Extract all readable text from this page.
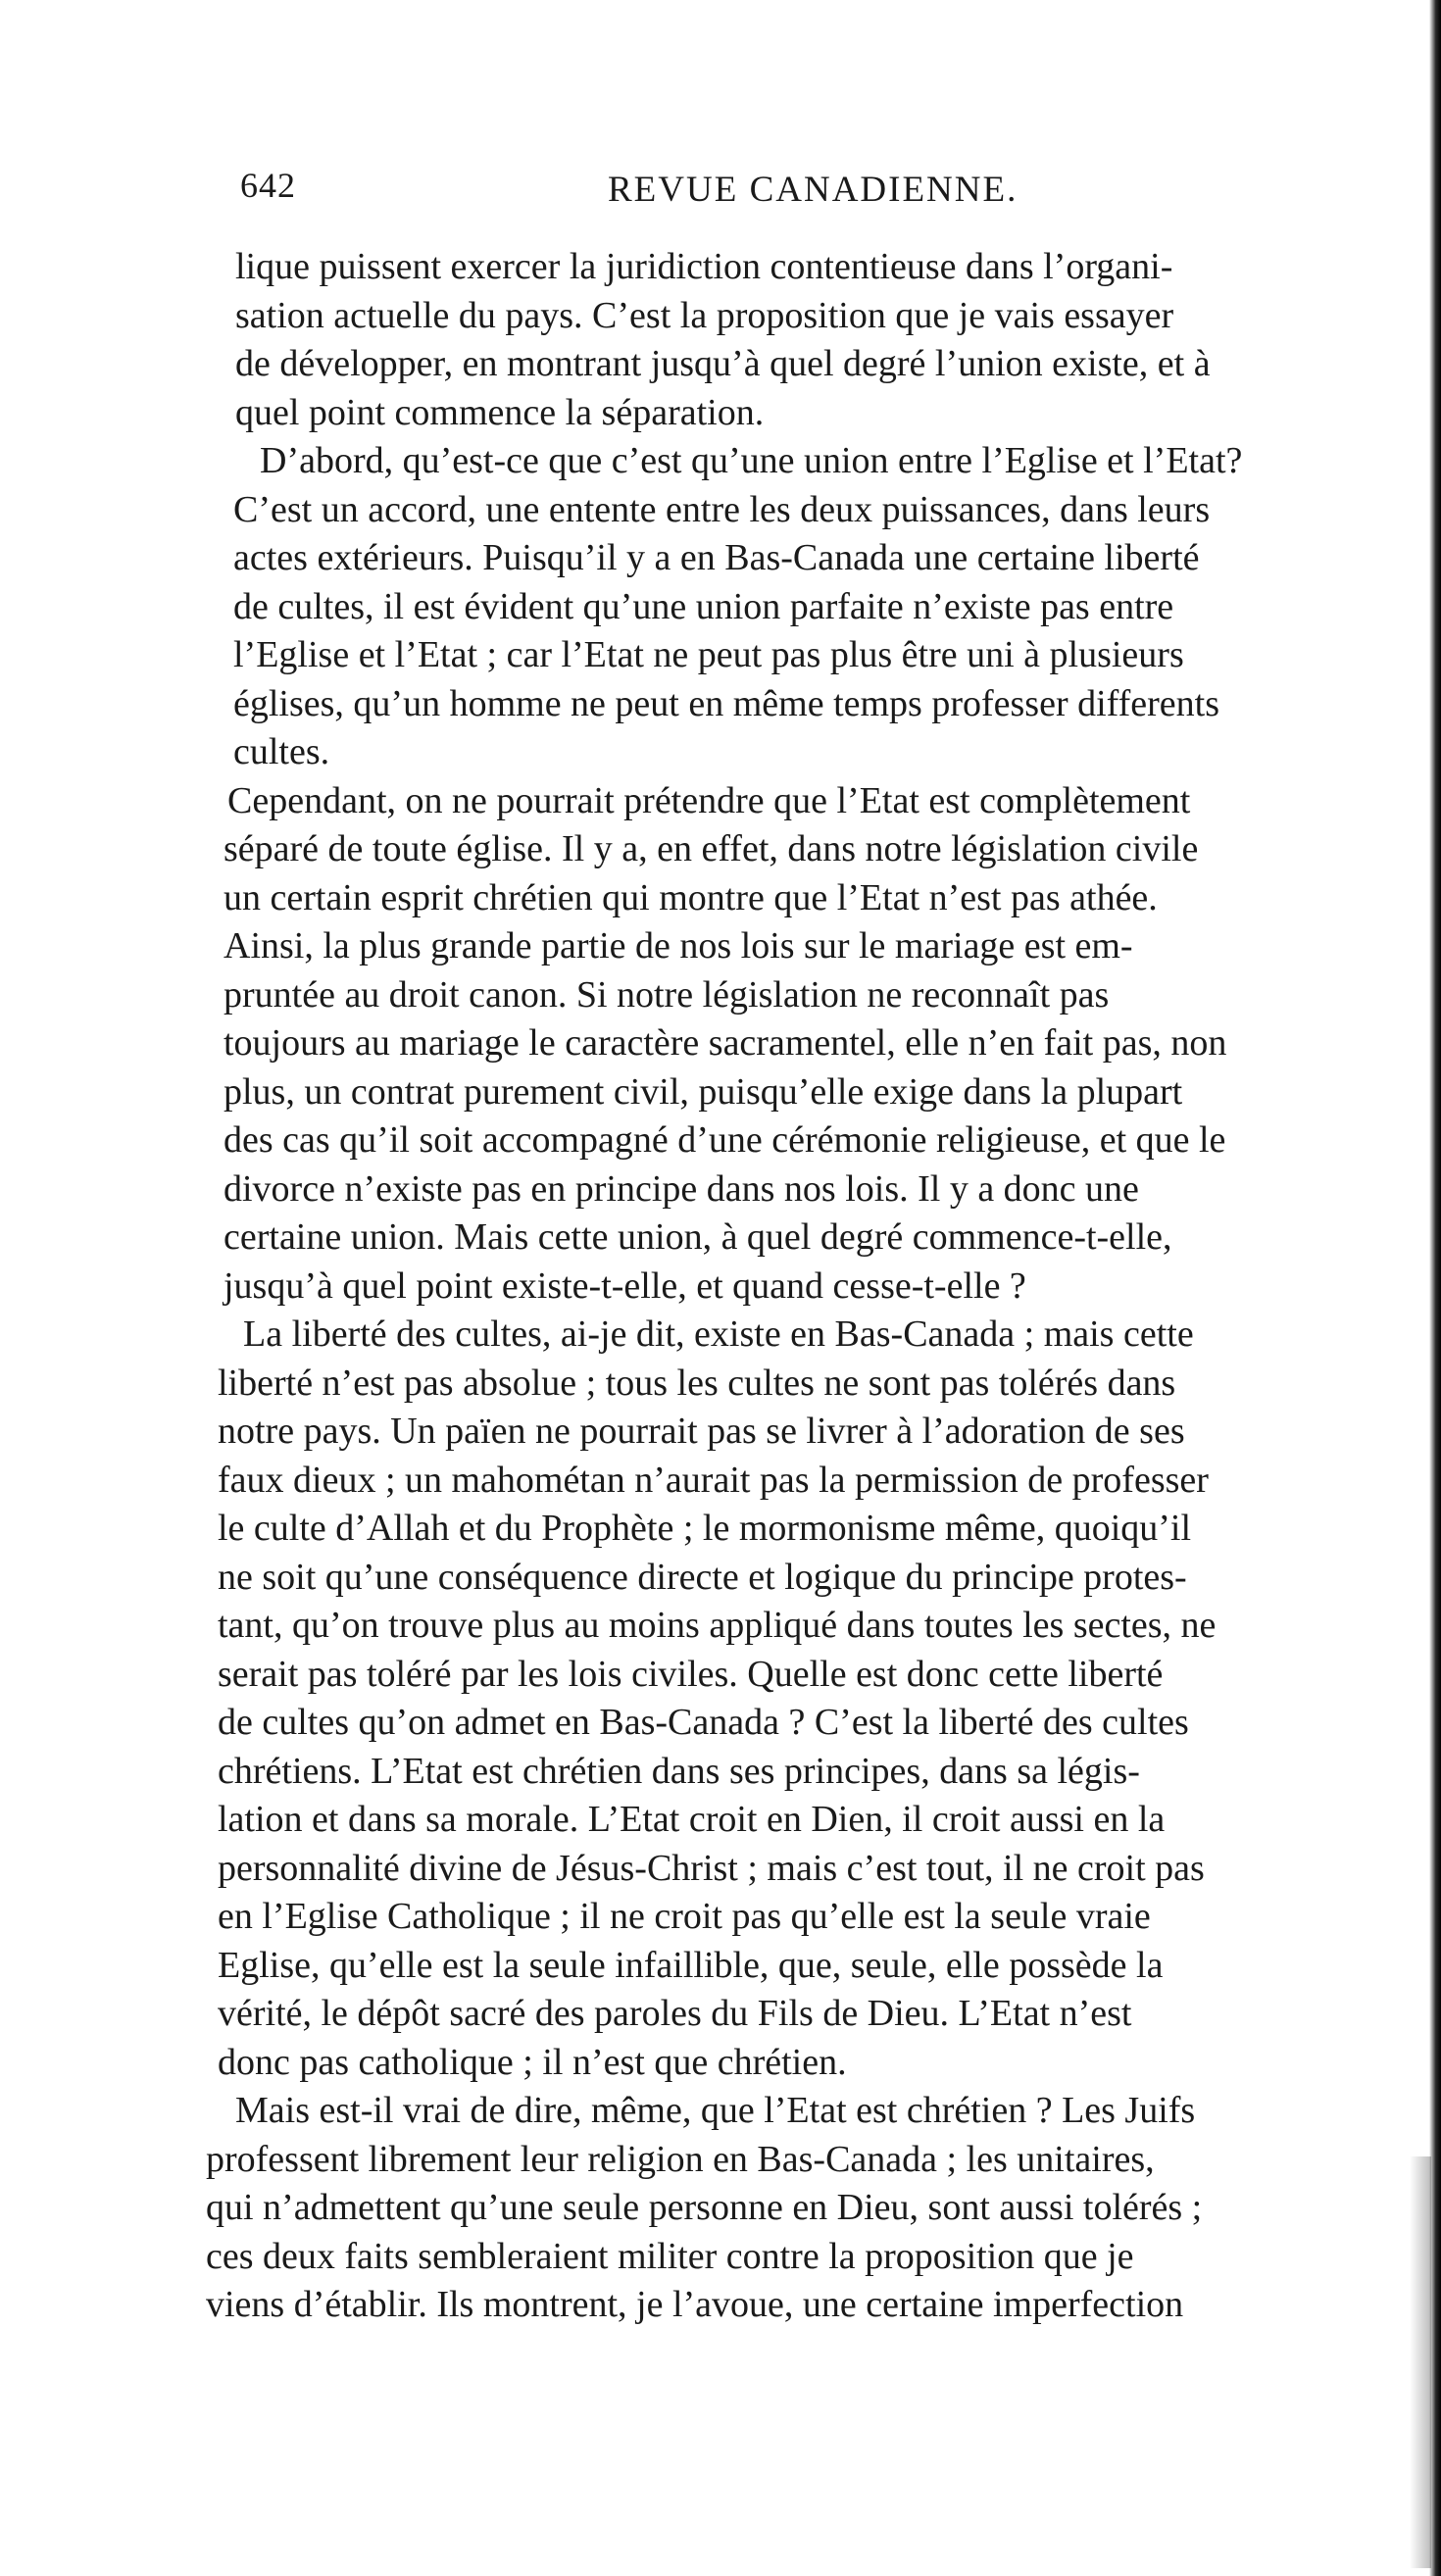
642	REVUE CANADIENNE.
lique puissent exercer la juridiction contentieuse dans l’organi-
sation actuelle du pays. C’est la proposition que je vais essayer
de développer, en montrant jusqu’à quel degré l’union existe, et à
quel point commence la séparation.
D’abord, qu’est-ce que c’est qu’une union entre l’Eglise et l’Etat?
C’est un accord, une entente entre les deux puissances, dans leurs
actes extérieurs. Puisqu’il y a en Bas-Canada une certaine liberté
de cultes, il est évident qu’une union parfaite n’existe pas entre
l’Eglise et l’Etat ; car l’Etat ne peut pas plus être uni à plusieurs
églises, qu’un homme ne peut en même temps professer differents
cultes.
Cependant, on ne pourrait prétendre que l’Etat est complètement
séparé de toute église. Il y a, en effet, dans notre législation civile
un certain esprit chrétien qui montre que l’Etat n’est pas athée.
Ainsi, la plus grande partie de nos lois sur le mariage est em-
pruntée au droit canon. Si notre législation ne reconnaît pas
toujours au mariage le caractère sacramentel, elle n’en fait pas, non
plus, un contrat purement civil, puisqu’elle exige dans la plupart
des cas qu’il soit accompagné d’une cérémonie religieuse, et que le
divorce n’existe pas en principe dans nos lois. Il y a donc une
certaine union. Mais cette union, à quel degré commence-t-elle,
jusqu’à quel point existe-t-elle, et quand cesse-t-elle ?
La liberté des cultes, ai-je dit, existe en Bas-Canada ; mais cette
liberté n’est pas absolue ; tous les cultes ne sont pas tolérés dans
notre pays. Un païen ne pourrait pas se livrer à l’adoration de ses
faux dieux ; un mahométan n’aurait pas la permission de professer
le culte d’Allah et du Prophète ; le mormonisme même, quoiqu’il
ne soit qu’une conséquence directe et logique du principe protes-
tant, qu’on trouve plus au moins appliqué dans toutes les sectes, ne
serait pas toléré par les lois civiles. Quelle est donc cette liberté
de cultes qu’on admet en Bas-Canada ? C’est la liberté des cultes
chrétiens. L’Etat est chrétien dans ses principes, dans sa légis-
lation et dans sa morale. L’Etat croit en Dien, il croit aussi en la
personnalité divine de Jésus-Christ ; mais c’est tout, il ne croit pas
en l’Eglise Catholique ; il ne croit pas qu’elle est la seule vraie
Eglise, qu’elle est la seule infaillible, que, seule, elle possède la
vérité, le dépôt sacré des paroles du Fils de Dieu. L’Etat n’est
donc pas catholique ; il n’est que chrétien.
Mais est-il vrai de dire, même, que l’Etat est chrétien ? Les Juifs
professent librement leur religion en Bas-Canada ; les unitaires,
qui n’admettent qu’une seule personne en Dieu, sont aussi tolérés ;
ces deux faits sembleraient militer contre la proposition que je
viens d’établir. Ils montrent, je l’avoue, une certaine imperfection
